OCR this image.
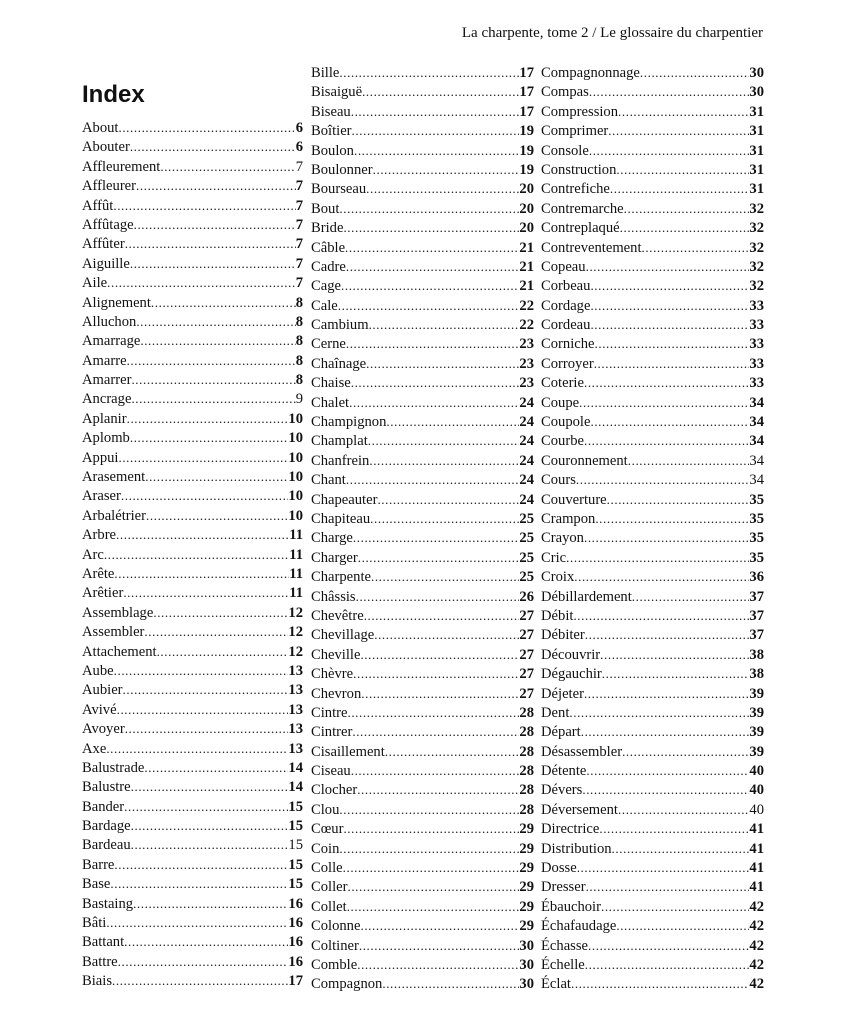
La charpente, tome 2 / Le glossaire du charpentier
Index
About .....	6
Abouter .....	6
Affleurement .....	7
Affleurer .....	7
Affût .....	7
Affûtage .....	7
Affûter .....	7
Aiguille .....	7
Aile .....	7
Alignement .....	8
Alluchon .....	8
Amarrage .....	8
Amarre .....	8
Amarrer .....	8
Ancrage .....	9
Aplanir .....	10
Aplomb .....	10
Appui .....	10
Arasement .....	10
Araser .....	10
Arbalétrier .....	10
Arbre .....	11
Arc .....	11
Arête .....	11
Arêtier .....	11
Assemblage .....	12
Assembler .....	12
Attachement .....	12
Aube .....	13
Aubier .....	13
Avivé .....	13
Avoyer .....	13
Axe .....	13
Balustrade .....	14
Balustre .....	14
Bander .....	15
Bardage .....	15
Bardeau .....	15
Barre .....	15
Base .....	15
Bastaing .....	16
Bâti .....	16
Battant .....	16
Battre .....	16
Biais .....	17
Bille .....	17
Bisaiguë .....	17
Biseau .....	17
Boîtier .....	19
Boulon .....	19
Boulonner .....	19
Bourseau .....	20
Bout .....	20
Bride .....	20
Câble .....	21
Cadre .....	21
Cage .....	21
Cale .....	22
Cambium .....	22
Cerne .....	23
Chaînage .....	23
Chaise .....	23
Chalet .....	24
Champignon .....	24
Champlat .....	24
Chanfrein .....	24
Chant .....	24
Chapeauter .....	24
Chapiteau .....	25
Charge .....	25
Charger .....	25
Charpente .....	25
Châssis .....	26
Chevêtre .....	27
Chevillage .....	27
Cheville .....	27
Chèvre .....	27
Chevron .....	27
Cintre .....	28
Cintrer .....	28
Cisaillement .....	28
Ciseau .....	28
Clocher .....	28
Clou .....	28
Cœur .....	29
Coin .....	29
Colle .....	29
Coller .....	29
Collet .....	29
Colonne .....	29
Coltiner .....	30
Comble .....	30
Compagnon .....	30
Compagnonnage .....	30
Compas .....	30
Compression .....	31
Comprimer .....	31
Console .....	31
Construction .....	31
Contrefiche .....	31
Contremarche .....	32
Contreplaqué .....	32
Contreventement .....	32
Copeau .....	32
Corbeau .....	32
Cordage .....	33
Cordeau .....	33
Corniche .....	33
Corroyer .....	33
Coterie .....	33
Coupe .....	34
Coupole .....	34
Courbe .....	34
Couronnement .....	34
Cours .....	34
Couverture .....	35
Crampon .....	35
Crayon .....	35
Cric .....	35
Croix .....	36
Débillardement .....	37
Débit .....	37
Débiter .....	37
Découvrir .....	38
Dégauchir .....	38
Déjeter .....	39
Dent .....	39
Départ .....	39
Désassembler .....	39
Détente .....	40
Dévers .....	40
Déversement .....	40
Directrice .....	41
Distribution .....	41
Dosse .....	41
Dresser .....	41
Ébauchoir .....	42
Échafaudage .....	42
Échasse .....	42
Échelle .....	42
Éclat .....	42
